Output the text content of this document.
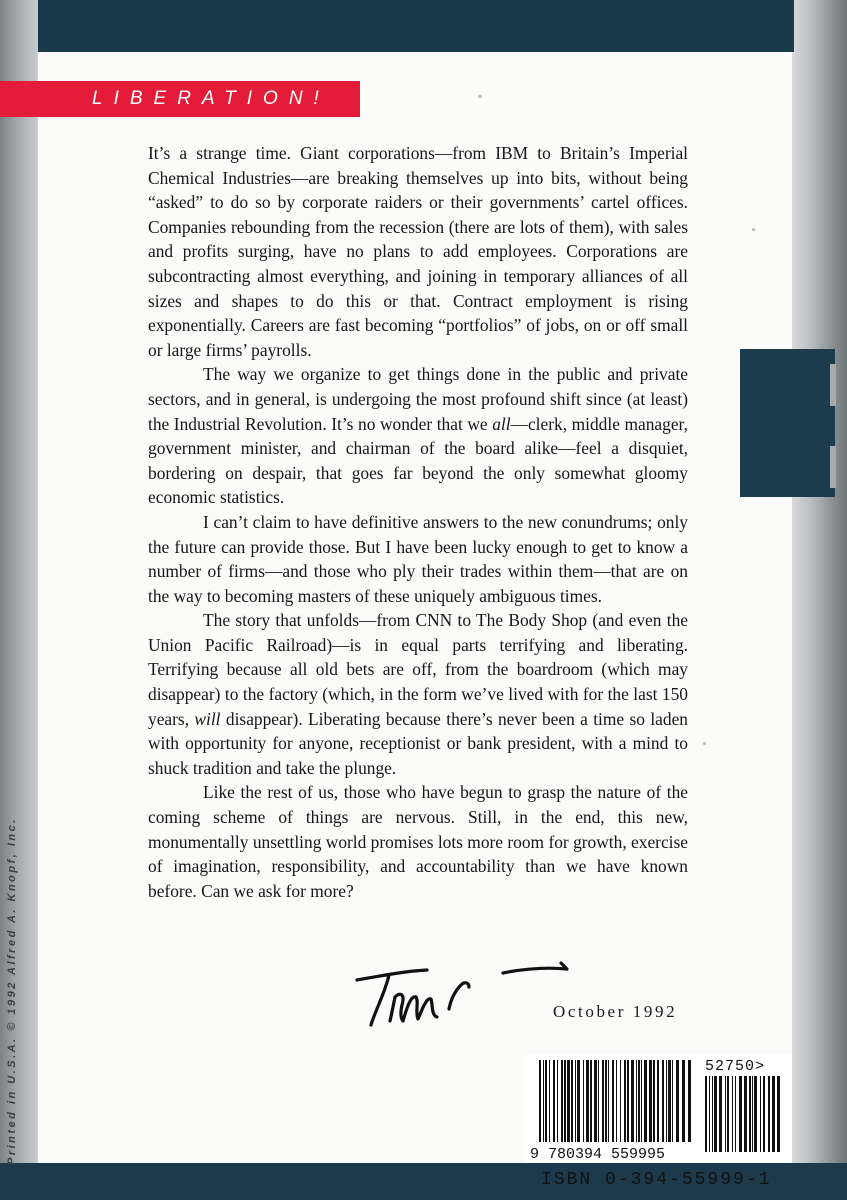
LIBERATION!
Printed in U.S.A. © 1992 Alfred A. Knopf, Inc.

It’s a strange time. Giant corporations—from IBM to Britain’s Imperial Chemical Industries—are breaking themselves up into bits, without being “asked” to do so by corporate raiders or their governments’ cartel offices. Companies rebounding from the recession (there are lots of them), with sales and profits surging, have no plans to add employees. Corporations are subcontracting almost everything, and joining in temporary alliances of all sizes and shapes to do this or that. Contract employment is rising exponentially. Careers are fast becoming “portfolios” of jobs, on or off small or large firms’ payrolls.

The way we organize to get things done in the public and private sectors, and in general, is undergoing the most profound shift since (at least) the Industrial Revolution. It’s no wonder that we all—clerk, middle manager, government minister, and chairman of the board alike—feel a disquiet, bordering on despair, that goes far beyond the only somewhat gloomy economic statistics.

I can’t claim to have definitive answers to the new conundrums; only the future can provide those. But I have been lucky enough to get to know a number of firms—and those who ply their trades within them—that are on the way to becoming masters of these uniquely ambiguous times.

The story that unfolds—from CNN to The Body Shop (and even the Union Pacific Railroad)—is in equal parts terrifying and liberating. Terrifying because all old bets are off, from the boardroom (which may disappear) to the factory (which, in the form we’ve lived with for the last 150 years, will disappear). Liberating because there’s never been a time so laden with opportunity for anyone, receptionist or bank president, with a mind to shuck tradition and take the plunge.

Like the rest of us, those who have begun to grasp the nature of the coming scheme of things are nervous. Still, in the end, this new, monumentally unsettling world promises lots more room for growth, exercise of imagination, responsibility, and accountability than we have known before. Can we ask for more?

October 1992
9 780394 559995
52750>
ISBN 0-394-55999-1
